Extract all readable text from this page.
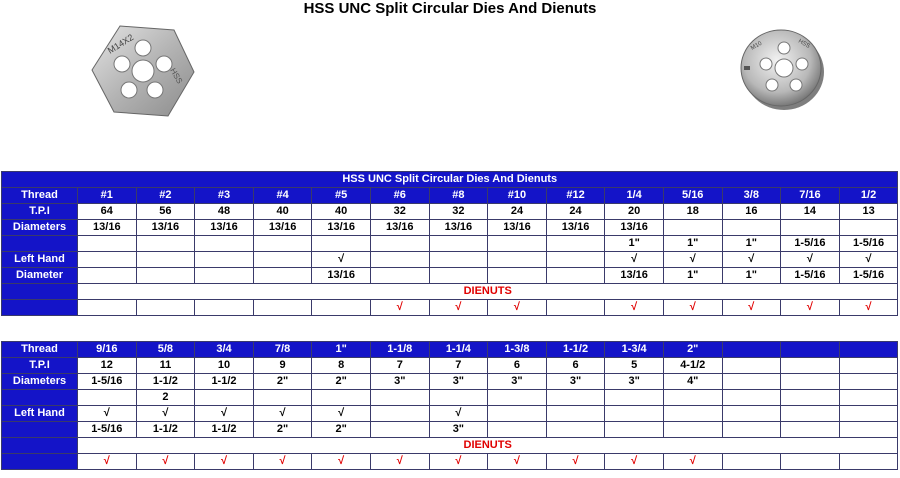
HSS UNC Split Circular Dies And Dienuts
M14X2
HSS
M10	HSS
HSS UNC Split Circular Dies And Dienuts														
Thread	#1	#2	#3	#4	#5	#6	#8	#10	#12	1/4	5/16	3/8	7/16	1/2
T.P.I	64	56	48	40	40	32	32	24	24	20	18	16	14	13
Diameters	13/16	13/16	13/16	13/16	13/16	13/16	13/16	13/16	13/16	13/16				
										1"	1"	1"	1-5/16	1-5/16
Left Hand					√					√	√	√	√	√
Diameter					13/16					13/16	1"	1"	1-5/16	1-5/16
	DIENUTS													
						√	√	√		√	√	√	√	√
Thread	9/16	5/8	3/4	7/8	1"	1-1/8	1-1/4	1-3/8	1-1/2	1-3/4	2"			
T.P.I	12	11	10	9	8	7	7	6	6	5	4-1/2			
Diameters	1-5/16	1-1/2	1-1/2	2"	2"	3"	3"	3"	3"	3"	4"			
		2												
Left Hand	√	√	√	√	√		√							
	1-5/16	1-1/2	1-1/2	2"	2"		3"							
	DIENUTS													
	√	√	√	√	√	√	√	√	√	√	√			
